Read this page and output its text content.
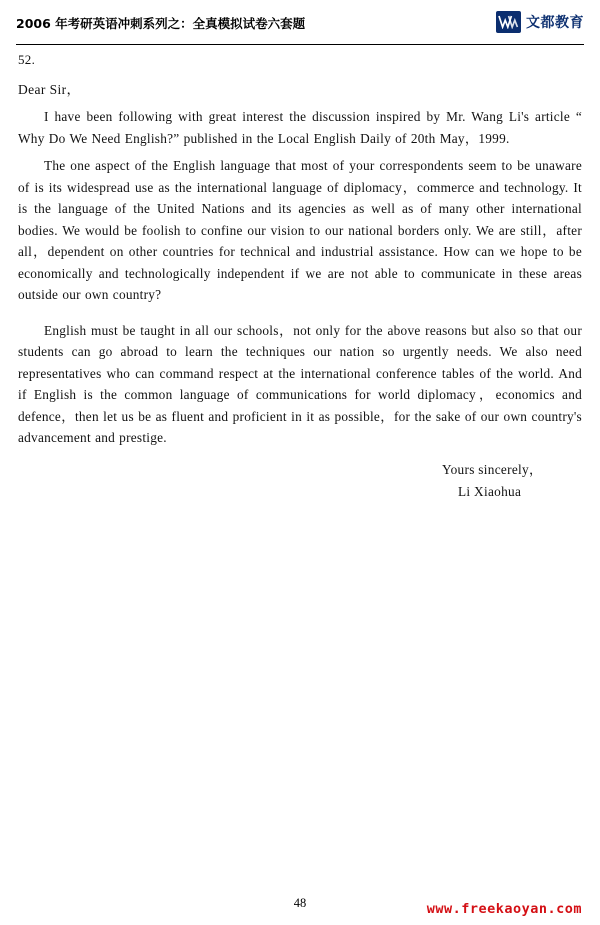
2006 年考研英语冲刺系列之：全真模拟试卷六套题	文都教育
52.
Dear Sir，

I have been following with great interest the discussion inspired by Mr. Wang Li's article “ Why Do We Need English?” published in the Local English Daily of 20th May，1999.

The one aspect of the English language that most of your correspondents seem to be unaware of is its widespread use as the international language of diplomacy，commerce and technology. It is the language of the United Nations and its agencies as well as of many other international bodies. We would be foolish to confine our vision to our national borders only. We are still，after all，dependent on other countries for technical and industrial assistance. How can we hope to be economically and technologically independent if we are not able to communicate in these areas outside our own country?

English must be taught in all our schools，not only for the above reasons but also so that our students can go abroad to learn the techniques our nation so urgently needs. We also need representatives who can command respect at the international conference tables of the world. And if English is the common language of communications for world diplomacy，economics and defence，then let us be as fluent and proficient in it as possible，for the sake of our own country's advancement and prestige.

Yours sincerely，
Li Xiaohua
48	www.freekaoyan.com
